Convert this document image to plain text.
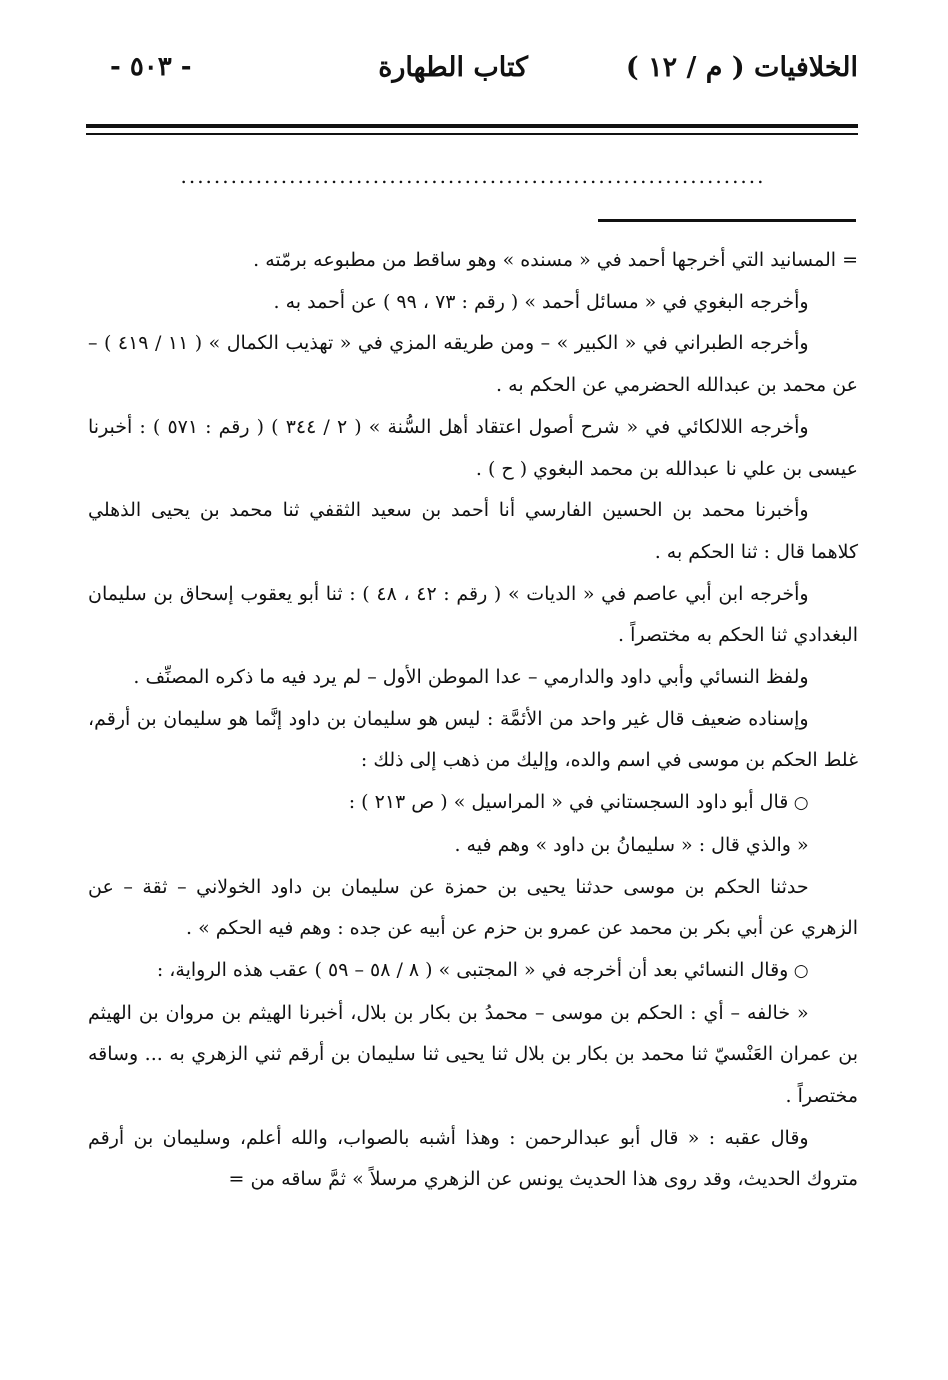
الخلافيات ( م / ١٢ )
كتاب الطهارة
- ٥٠٣ -
......................................................................

= المسانيد التي أخرجها أحمد في « مسنده » وهو ساقط من مطبوعه برمّته .

وأخرجه البغوي في « مسائل أحمد » ( رقم : ٧٣ ، ٩٩ ) عن أحمد به .

وأخرجه الطبراني في « الكبير » – ومن طريقه المزي في « تهذيب الكمال » ( ١١ / ٤١٩ ) – عن محمد بن عبدالله الحضرمي عن الحكم به .

وأخرجه اللالكائي في « شرح أصول اعتقاد أهل السُّنة » ( ٢ / ٣٤٤ ) ( رقم : ٥٧١ ) : أخبرنا عيسى بن علي نا عبدالله بن محمد البغوي ( ح ) .

وأخبرنا محمد بن الحسين الفارسي أنا أحمد بن سعيد الثقفي ثنا محمد بن يحيى الذهلي كلاهما قال : ثنا الحكم به .

وأخرجه ابن أبي عاصم في « الديات » ( رقم : ٤٢ ، ٤٨ ) : ثنا أبو يعقوب إسحاق بن سليمان البغدادي ثنا الحكم به مختصراً .

ولفظ النسائي وأبي داود والدارمي – عدا الموطن الأول – لم يرد فيه ما ذكره المصنِّف .

وإسناده ضعيف قال غير واحد من الأئمَّة : ليس هو سليمان بن داود إنَّما هو سليمان بن أرقم، غلط الحكم بن موسى في اسم والده، وإليك من ذهب إلى ذلك :

○ قال أبو داود السجستاني في « المراسيل » ( ص ٢١٣ ) :

« والذي قال : « سليمانُ بن داود » وهم فيه .

حدثنا الحكم بن موسى حدثنا يحيى بن حمزة عن سليمان بن داود الخولاني – ثقة – عن الزهري عن أبي بكر بن محمد عن عمرو بن حزم عن أبيه عن جده : وهم فيه الحكم » .

○ وقال النسائي بعد أن أخرجه في « المجتبى » ( ٨ / ٥٨ – ٥٩ ) عقب هذه الرواية، :

« خالفه – أي : الحكم بن موسى – محمدُ بن بكار بن بلال، أخبرنا الهيثم بن مروان بن الهيثم بن عمران العَنْسيّ ثنا محمد بن بكار بن بلال ثنا يحيى ثنا سليمان بن أرقم ثني الزهري به ... وساقه مختصراً .

وقال عقبه : « قال أبو عبدالرحمن : وهذا أشبه بالصواب، والله أعلم، وسليمان بن أرقم متروك الحديث، وقد روى هذا الحديث يونس عن الزهري مرسلاً » ثمَّ ساقه من =
